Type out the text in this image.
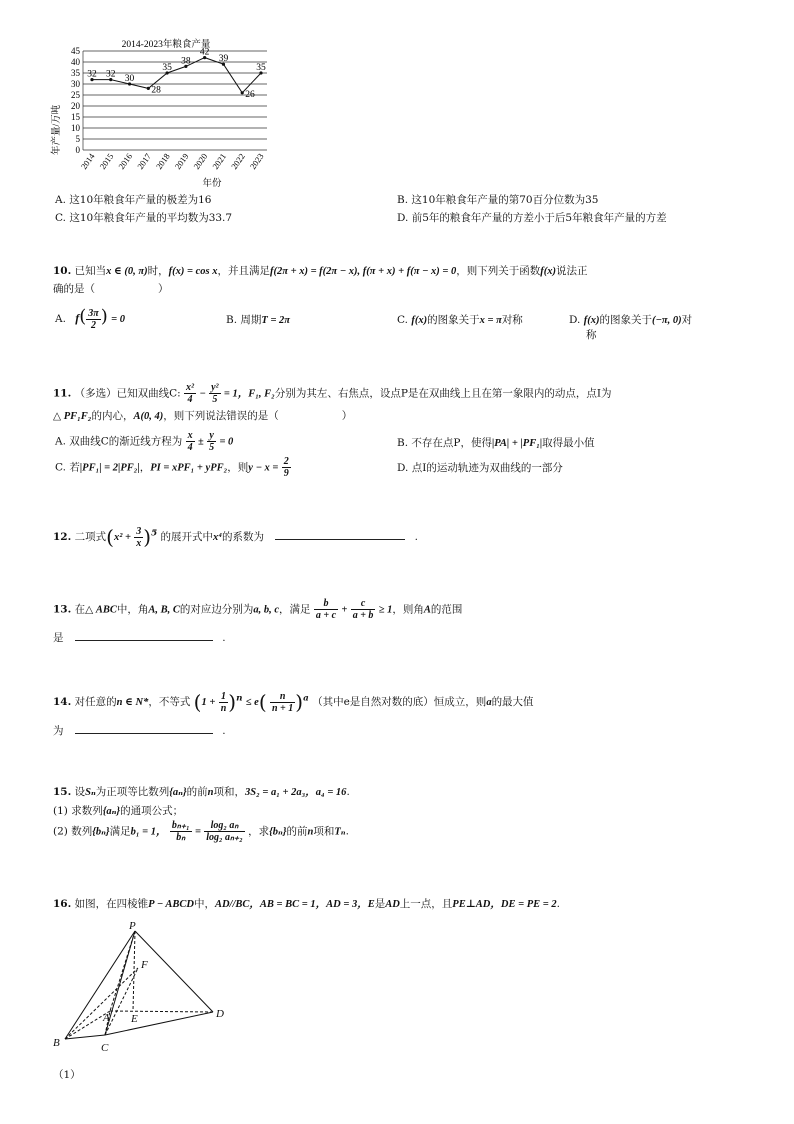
2014-2023年粮食产量
0
5
10
15
20
25
30
35
40
45
2014 2015 2016 2017 2018 2019 2020 2021 2022 2023
32 32 30
28
35
38
42
39
26
35
年产量/万吨
年份
A. 这10年粮食年产量的极差为16	B. 这10年粮食年产量的第70百分位数为35
C. 这10年粮食年产量的平均数为33.7	D. 前5年的粮食年产量的方差小于后5年粮食年产量的方差
10. 已知当x ∈ (0, π)时，f(x) = cos x，并且满足f(2π + x) = f(2π − x), f(π + x) + f(π − x) = 0，则下列关于函数f(x)说法正
确的是（　　　　　　）
A. $f( \frac{3\pi}{2}$ ) = 0	B. 周期T = 2π	C. f(x)的图象关于x = π对称	D. f(x)的图象关于(−π, 0)对
称
11. （多选）已知双曲线C: $\frac{\text{x²}}{4} - \frac{\text{y²}}{5} = 1$，F₁, F₂分别为其左、右焦点，设点P是在双曲线上且在第一象限内的动点，点I为
△ PF₁F₂的内心，A(0, 4)，则下列说法错误的是（　　　　　　）
A. 双曲线C的渐近线方程为 $\frac{x}{4} \pm \frac{y}{5} = 0$	B. 不存在点P，使得|PA| + |PF₁|取得最小值
C. 若|PF₁| = 2|PF₂|，PI = xPF₁ + yPF₂，则$y - x = \frac{2}{9}$	D. 点I的运动轨迹为双曲线的一部分
12. 二项式$(x^2 + \frac{3}{x} )^5$ 的展开式中x⁴的系数为	.
13. 在△ ABC中，角A, B, C的对应边分别为a, b, c，满足 $\frac{b}{a + c} + \frac{c}{a + b} \ge 1$，则角A的范围
是	.
14. 对任意的n ∈ N*，不等式 $(1 + \frac{1}{n} )^n \le e( \frac{n}{n + 1} )^a$ （其中e是自然对数的底）恒成立，则a的最大值
为	.
15. 设Sₙ为正项等比数列{aₙ}的前n项和，3S₂ = a₁ + 2a₃，a₄ = 16.
(1) 求数列{aₙ}的通项公式；
(2) 数列{bₙ}满足b₁ = 1， $\frac{\text{bₙ₊₁}}{\text{bₙ}} = \frac{\text{log₂ aₙ}}{\text{log₂ aₙ₊₂}}$ ，求{bₙ}的前n项和Tₙ.
16. 如图，在四棱锥P − ABCD中，AD//BC，AB = BC = 1，AD = 3，E是AD上一点，且PE⊥AD，DE = PE = 2.
P
F
A E	D
B	C
（1）
